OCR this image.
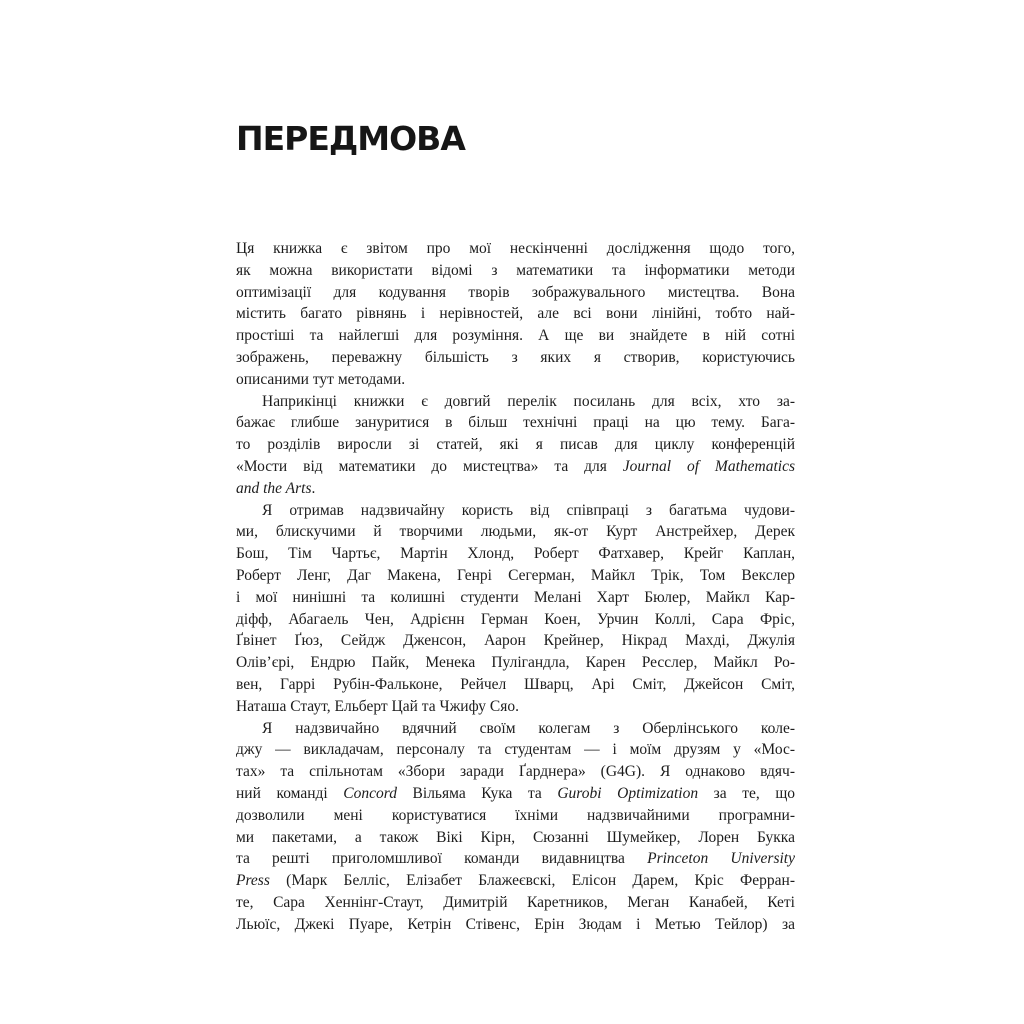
ПЕРЕДМОВА
Ця книжка є звітом про мої нескінченні дослідження щодо того,
як можна використати відомі з математики та інформатики методи
оптимізації для кодування творів зображувального мистецтва. Вона
містить багато рівнянь і нерівностей, але всі вони лінійні, тобто най-
простіші та найлегші для розуміння. А ще ви знайдете в ній сотні
зображень, переважну більшість з яких я створив, користуючись
описаними тут методами.
Наприкінці книжки є довгий перелік посилань для всіх, хто за-
бажає глибше зануритися в більш технічні праці на цю тему. Бага-
то розділів виросли зі статей, які я писав для циклу конференцій
«Мости від математики до мистецтва» та для Journal of Mathematics
and the Arts.
Я отримав надзвичайну користь від співпраці з багатьма чудови-
ми, блискучими й творчими людьми, як-от Курт Анстрейхер, Дерек
Бош, Тім Чартьє, Мартін Хлонд, Роберт Фатхавер, Крейг Каплан,
Роберт Ленг, Даг Макена, Генрі Сегерман, Майкл Трік, Том Векслер
і мої нинішні та колишні студенти Мелані Харт Бюлер, Майкл Кар-
діфф, Абагаель Чен, Адрієнн Герман Коен, Урчин Коллі, Сара Фріс,
Ґвінет Ґюз, Сейдж Дженсон, Аарон Крейнер, Нікрад Махді, Джулія
Олів’єрі, Ендрю Пайк, Менека Пулігандла, Карен Ресслер, Майкл Ро-
вен, Гаррі Рубін-Фальконе, Рейчел Шварц, Арі Сміт, Джейсон Сміт,
Наташа Стаут, Ельберт Цай та Чжифу Сяо.
Я надзвичайно вдячний своїм колегам з Оберлінського коле-
джу — викладачам, персоналу та студентам — і моїм друзям у «Мос-
тах» та спільнотам «Збори заради Ґарднера» (G4G). Я однаково вдяч-
ний команді Concord Вільяма Кука та Gurobi Optimization за те, що
дозволили мені користуватися їхніми надзвичайними програмни-
ми пакетами, а також Вікі Кірн, Сюзанні Шумейкер, Лорен Букка
та решті приголомшливої команди видавництва Princeton University
Press (Марк Белліс, Елізабет Блажеєвскі, Елісон Дарем, Кріс Ферран-
те, Сара Хеннінг-Стаут, Димитрій Каретников, Меган Канабей, Кеті
Льюїс, Джекі Пуаре, Кетрін Стівенс, Ерін Зюдам і Метью Тейлор) за
